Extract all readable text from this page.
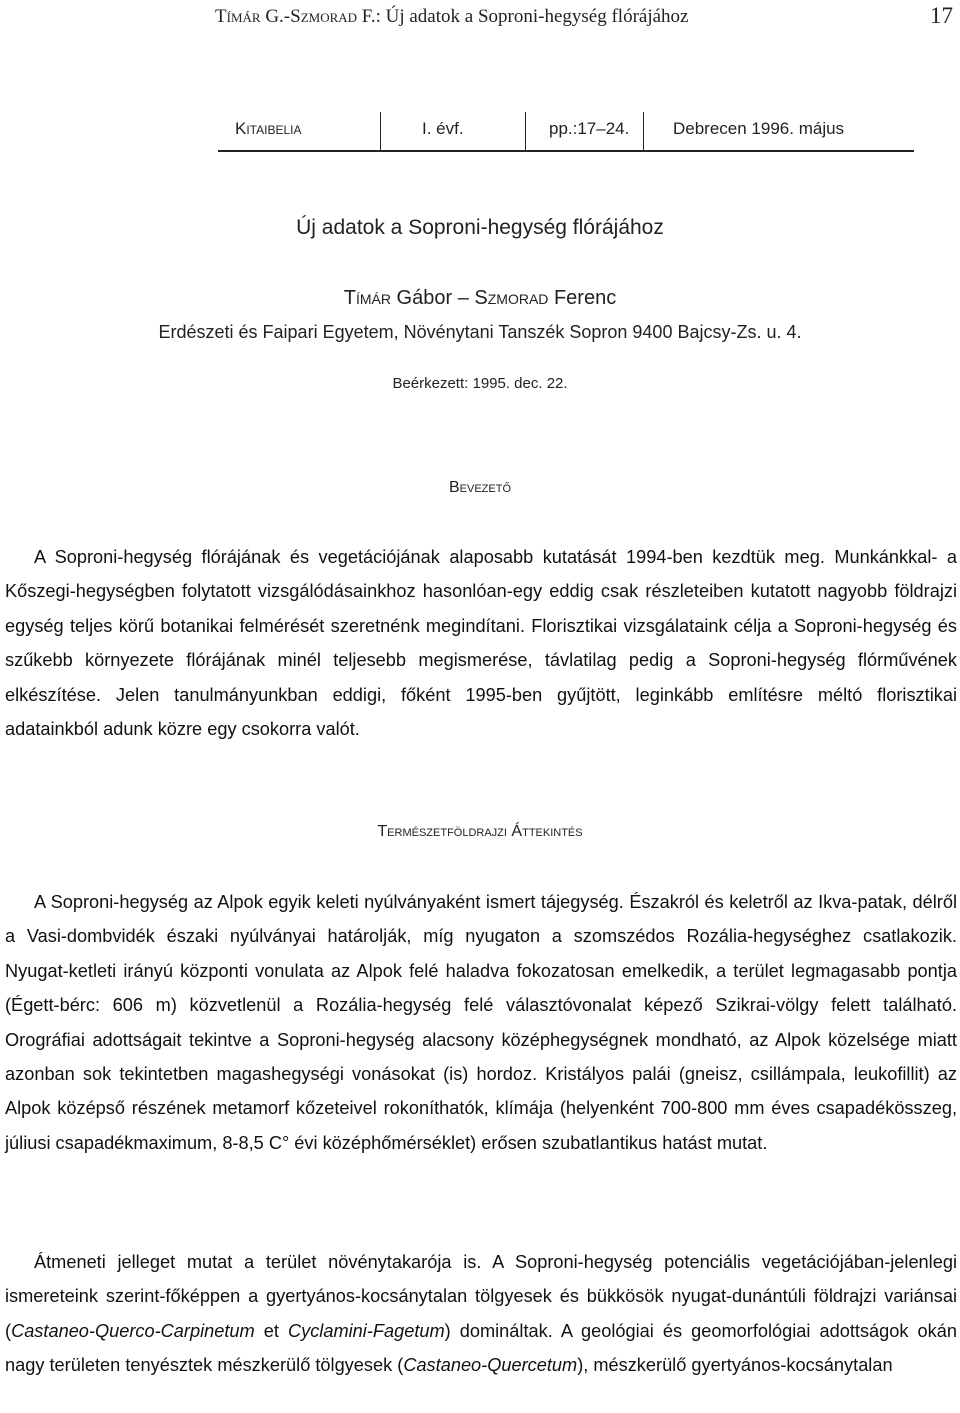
Tímár G.-Szmorad F.: Új adatok a Soproni-hegység flórájához	17
Kitaibelia	I. évf.	pp.:17–24.	Debrecen 1996. május
Új adatok a Soproni-hegység flórájához
Tímár Gábor – Szmorad Ferenc
Erdészeti és Faipari Egyetem, Növénytani Tanszék Sopron 9400 Bajcsy-Zs. u. 4.
Beérkezett: 1995. dec. 22.
Bevezető

A Soproni-hegység flórájának és vegetációjának alaposabb kutatását 1994-ben kezdtük meg. Munkánkkal- a Kőszegi-hegységben folytatott vizsgálódásainkhoz hasonlóan-egy eddig csak részleteiben kutatott nagyobb földrajzi egység teljes körű botanikai felmérését szeretnénk megindítani. Florisztikai vizsgálataink célja a Soproni-hegység és szűkebb környezete flórájának minél teljesebb megismerése, távlatilag pedig a Soproni-hegység flórművének elkészítése. Jelen tanulmányunkban eddigi, főként 1995-ben gyűjtött, leginkább említésre méltó florisztikai adatainkból adunk közre egy csokorra valót.

Természetföldrajzi Áttekintés

A Soproni-hegység az Alpok egyik keleti nyúlványaként ismert tájegység. Északról és keletről az Ikva-patak, délről a Vasi-dombvidék északi nyúlványai határolják, míg nyugaton a szomszédos Rozália-hegységhez csatlakozik. Nyugat-ketleti irányú központi vonulata az Alpok felé haladva fokozatosan emelkedik, a terület legmagasabb pontja (Égett-bérc: 606 m) közvetlenül a Rozália-hegység felé választóvonalat képező Szikrai-völgy felett található. Orográfiai adottságait tekintve a Soproni-hegység alacsony középhegységnek mondható, az Alpok közelsége miatt azonban sok tekintetben magashegységi vonásokat (is) hordoz. Kristályos palái (gneisz, csillámpala, leukofillit) az Alpok középső részének metamorf kőzeteivel rokoníthatók, klímája (helyenként 700-800 mm éves csapadékösszeg, júliusi csapadékmaximum, 8-8,5 C° évi középhőmérséklet) erősen szubatlantikus hatást mutat.

Átmeneti jelleget mutat a terület növénytakarója is. A Soproni-hegység potenciális vegetációjában-jelenlegi ismereteink szerint-főképpen a gyertyános-kocsánytalan tölgyesek és bükkösök nyugat-dunántúli földrajzi variánsai (Castaneo-Querco-Carpinetum et Cyclamini-Fagetum) domináltak. A geológiai és geomorfológiai adottságok okán nagy területen tenyésztek mészkerülő tölgyesek (Castaneo-Quercetum), mészkerülő gyertyános-kocsánytalan
